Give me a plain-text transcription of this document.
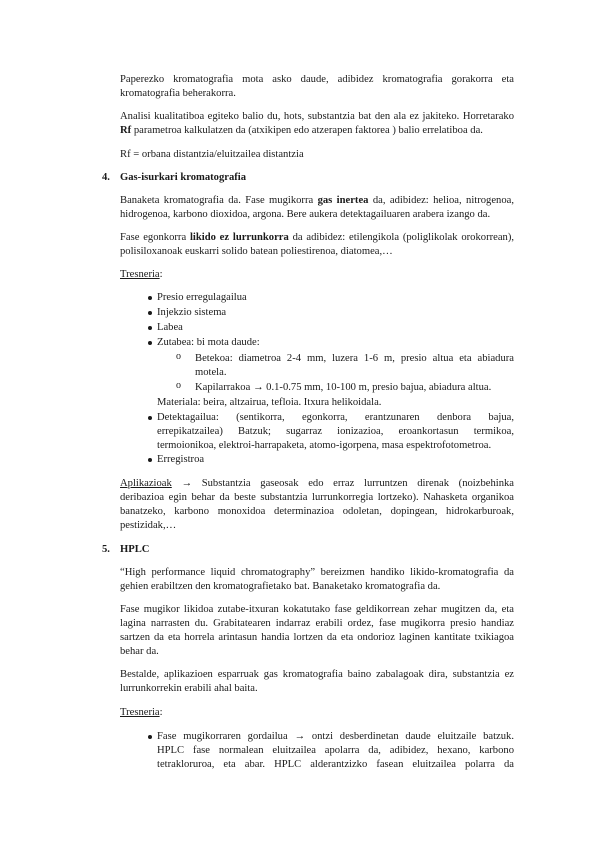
Paperezko kromatografia mota asko daude, adibidez kromatografia gorakorra eta
kromatografia beherakorra.
Analisi kualitatiboa egiteko balio du, hots, substantzia bat den ala ez jakiteko. Horretarako
Rf parametroa kalkulatzen da (atxikipen edo atzerapen faktorea ) balio errelatiboa da.
Rf = orbana distantzia/eluitzailea distantzia
4. Gas-isurkari kromatografia
Banaketa kromatografia da. Fase mugikorra gas inertea da, adibidez: helioa, nitrogenoa,
hidrogenoa, karbono dioxidoa, argona. Bere aukera detektagailuaren arabera izango da.
Fase egonkorra likido ez lurrunkorra da adibidez: etilengikola (poliglikolak orokorrean),
polisiloxanoak euskarri solido batean poliestirenoa, diatomea,…
Tresneria:
Presio erregulagailua
Injekzio sistema
Labea
Zutabea: bi mota daude:
o Betekoa: diametroa 2-4 mm, luzera 1-6 m, presio altua eta abiadura
motela.
o Kapilarrakoa → 0.1-0.75 mm, 10-100 m, presio bajua, abiadura altua.
Materiala: beira, altzairua, tefloia. Itxura helikoidala.
Detektagailua: (sentikorra, egonkorra, erantzunaren denbora bajua,
errepikatzailea) Batzuk; sugarraz ionizazioa, eroankortasun termikoa,
termoionikoa, elektroi-harrapaketa, atomo-igorpena, masa espektrofotometroa.
Erregistroa
Aplikazioak → Substantzia gaseosak edo erraz lurruntzen direnak (noizbehinka
deribazioa egin behar da beste substantzia lurrunkorregia lortzeko). Nahasketa organikoa
banatzeko, karbono monoxidoa determinazioa odoletan, dopingean, hidrokarburoak,
pestizidak,…
5. HPLC
“High performance liquid chromatography” bereizmen handiko likido-kromatografia da
gehien erabiltzen den kromatografietako bat. Banaketako kromatografia da.
Fase mugikor likidoa zutabe-itxuran kokatutako fase geldikorrean zehar mugitzen da, eta
lagina narrasten du. Grabitatearen indarraz erabili ordez, fase mugikorra presio handiaz
sartzen da eta horrela arintasun handia lortzen da eta ondorioz laginen kantitate txikiagoa
behar da.
Bestalde, aplikazioen esparruak gas kromatografia baino zabalagoak dira, substantzia ez
lurrunkorrekin erabili ahal baita.
Tresneria:
Fase mugikorraren gordailua → ontzi desberdinetan daude eluitzaile batzuk.
HPLC fase normalean eluitzailea apolarra da, adibidez, hexano, karbono
tetrakloruroa, eta abar. HPLC alderantzizko fasean eluitzailea polarra da
